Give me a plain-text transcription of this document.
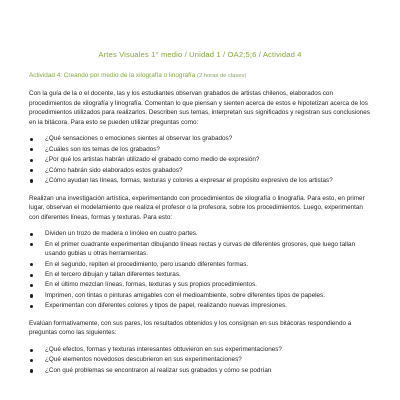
Artes Visuales 1° medio / Unidad 1 / OA2;5;6 / Actividad 4
Actividad 4: Creando por medio de la xilografía o linografía (2 horas de clases)

Con la guía de la o el docente, las y los estudiantes observan grabados de artistas chilenos, elaborados con procedimientos de xilografía y linografía. Comentan lo que piensan y sienten acerca de estos e hipotetizan acerca de los procedimientos utilizados para realizarlos. Describen sus temas, interpretan sus significados y registran sus conclusiones en la bitácora. Para esto se pueden utilizar preguntas como:

¿Qué sensaciones o emociones sientes al observar los grabados?
¿Cuáles son los temas de los grabados?
¿Por qué los artistas habrán utilizado el grabado como medio de expresión?
¿Cómo habrán sido elaborados estos grabados?
¿Cómo ayudan las líneas, formas, texturas y colores a expresar el propósito expresivo de los artistas?

Realizan una investigación artística, experimentando con procedimientos de xilografía o linografía. Para esto, en primer lugar, observan el modelamiento que realiza el profesor o la profesora, sobre los procedimientos. Luego, experimentan con diferentes líneas, formas y texturas. Para esto:

Dividen un trozo de madera o linóleo en cuatro partes.
En el primer cuadrante experimentan dibujando líneas rectas y curvas de diferentes grosores, que luego tallan usando gubias u otras herramientas.
En el segundo, repiten el procedimiento, pero usando diferentes formas.
En el tercero dibujan y tallan diferentes texturas.
En el último mezclan líneas, formas, texturas y sus propios procedimientos.
Imprimen, con tintas o pinturas amigables con el medioambiente, sobre diferentes tipos de papeles.
Experimentan con diferentes colores y tipos de papel, realizando nuevas impresiones.

Evalúan formativamente, con sus pares, los resultados obtenidos y los consignan en sus bitácoras respondiendo a preguntas como las siguientes:

¿Qué efectos, formas y texturas interesantes obtuvieron en sus experimentaciones?
¿Qué elementos novedosos descubrieron en sus experimentaciones?
¿Con qué problemas se encontraron al realizar sus grabados y cómo se podrían
